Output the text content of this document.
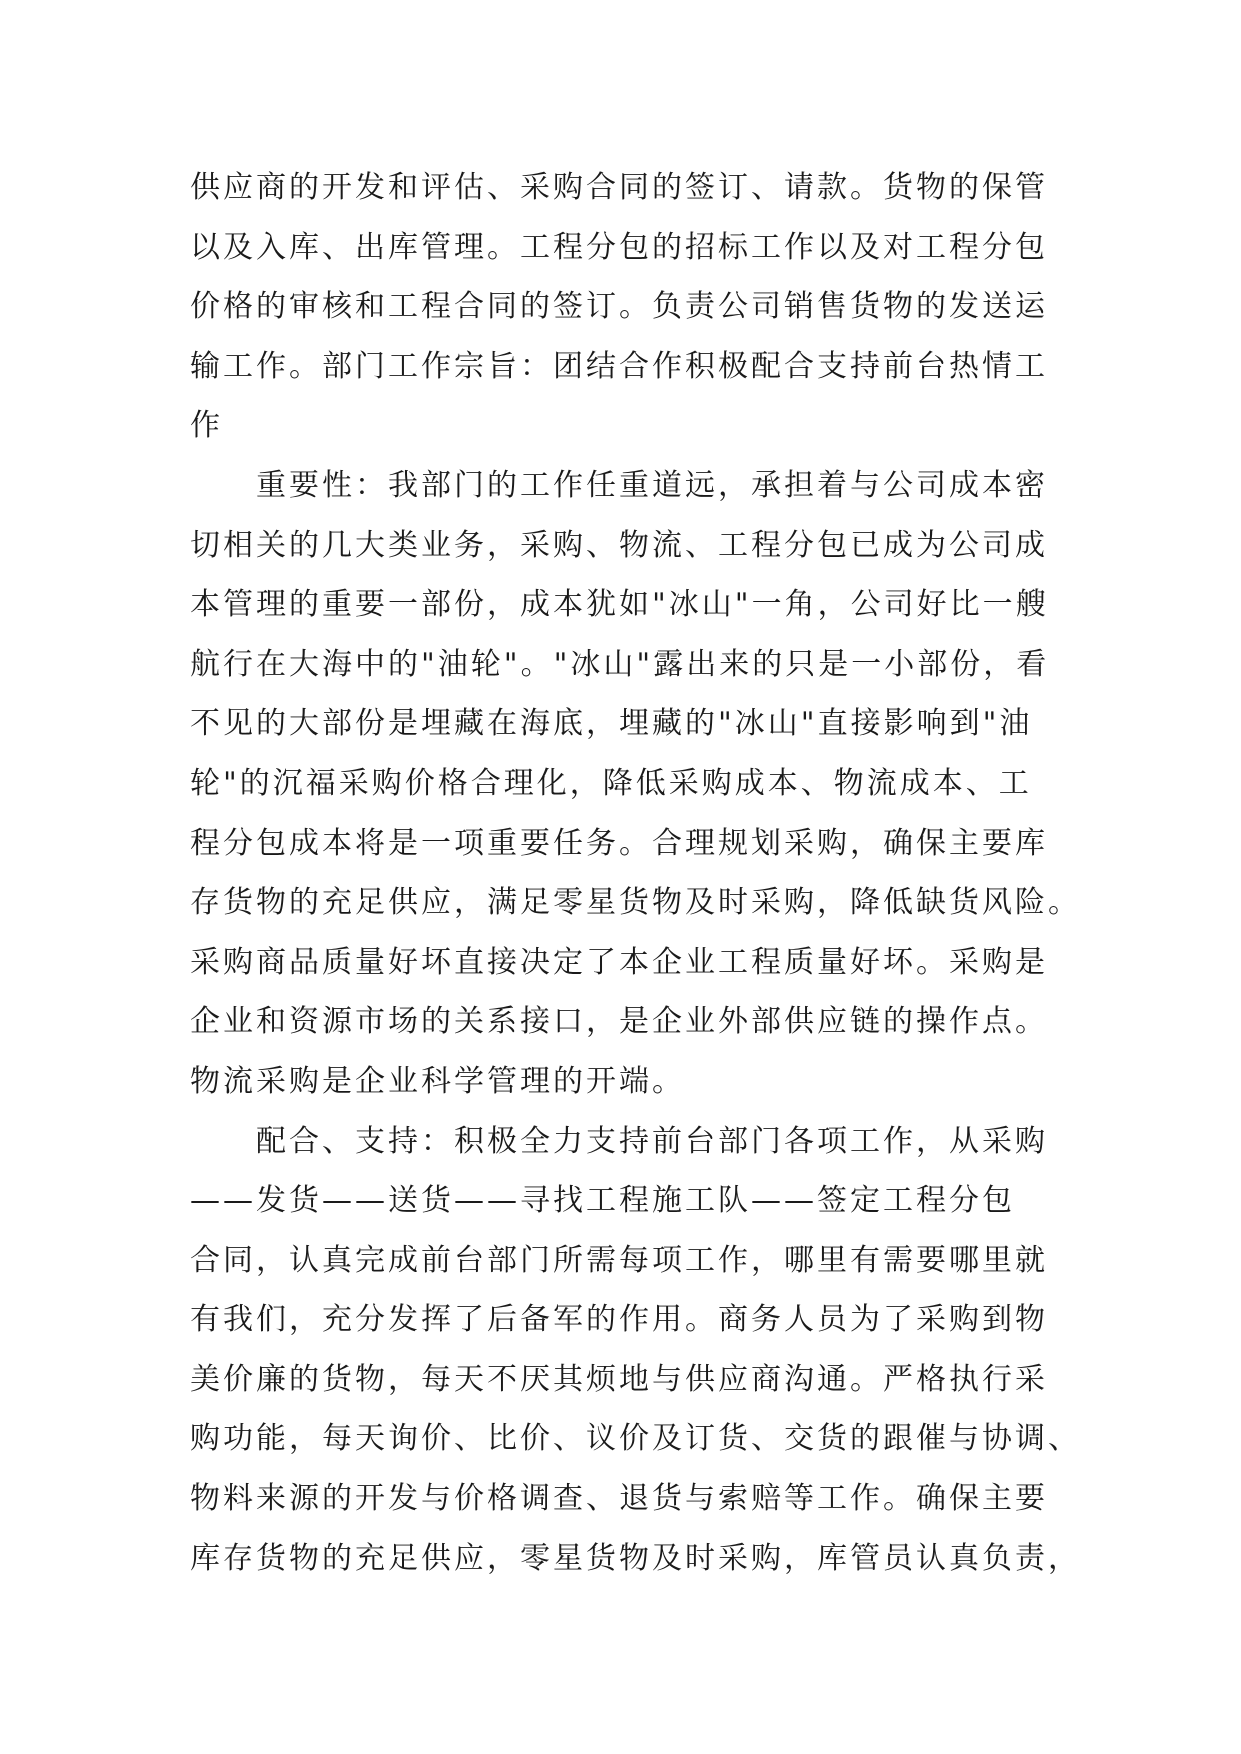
供应商的开发和评估、采购合同的签订、请款。货物的保管
以及入库、出库管理。工程分包的招标工作以及对工程分包
价格的审核和工程合同的签订。负责公司销售货物的发送运
输工作。部门工作宗旨：团结合作积极配合支持前台热情工
作
重要性：我部门的工作任重道远，承担着与公司成本密
切相关的几大类业务，采购、物流、工程分包已成为公司成
本管理的重要一部份，成本犹如"冰山"一角，公司好比一艘
航行在大海中的"油轮"。"冰山"露出来的只是一小部份，看
不见的大部份是埋藏在海底，埋藏的"冰山"直接影响到"油
轮"的沉福采购价格合理化，降低采购成本、物流成本、工
程分包成本将是一项重要任务。合理规划采购，确保主要库
存货物的充足供应，满足零星货物及时采购，降低缺货风险。
采购商品质量好坏直接决定了本企业工程质量好坏。采购是
企业和资源市场的关系接口，是企业外部供应链的操作点。
物流采购是企业科学管理的开端。
配合、支持：积极全力支持前台部门各项工作，从采购
——发货——送货——寻找工程施工队——签定工程分包
合同，认真完成前台部门所需每项工作，哪里有需要哪里就
有我们，充分发挥了后备军的作用。商务人员为了采购到物
美价廉的货物，每天不厌其烦地与供应商沟通。严格执行采
购功能，每天询价、比价、议价及订货、交货的跟催与协调、
物料来源的开发与价格调查、退货与索赔等工作。确保主要
库存货物的充足供应，零星货物及时采购，库管员认真负责，
